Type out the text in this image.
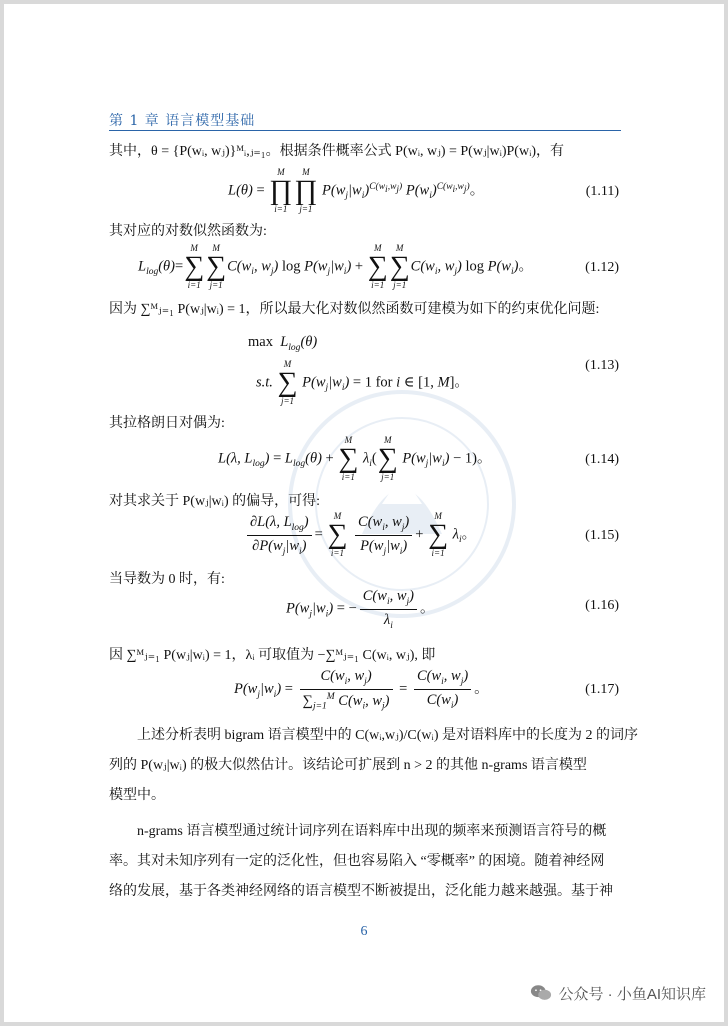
第 1 章 语言模型基础
其中，θ = {P(wᵢ, wⱼ)}ᴹᵢ,ⱼ₌₁。根据条件概率公式 P(wᵢ, wⱼ) = P(wⱼ|wᵢ)P(wᵢ)，有
L(θ) =
M
∏
i=1
M
∏
j=1
$P(w_j|w_i)^{C(w_i,w_j)}$ $P(w_i)^{C(w_i,w_j)}$。	(1.11)
其对应的对数似然函数为:
$L_{log}(\theta)=$
M
∑
i=1
M
∑
j=1
$C(w_i$, $w_j$) $\log P(w_j|w_i)$ +
M
∑
i=1
M
∑
j=1
$C(w_i$, $w_j$) $\log P(w_i)$。	(1.12)
因为 ∑ᴹⱼ₌₁ P(wⱼ|wᵢ) = 1，所以最大化对数似然函数可建模为如下的约束优化问题:
$\max L_{log}(\theta)$
s.t.
M
∑
j=1
$P(w_j|w_i) = 1$ for i ∈ [1, M]。
(1.13)
其拉格朗日对偶为:
L(λ, $L_{log}) = L_{log}(\theta)$ +
M
∑
i=1
$\lambda_i$(
M
∑
j=1
$P(w_j|w_i) - 1$)。	(1.14)
对其求关于 P(wⱼ|wᵢ) 的偏导，可得:
$\frac{\partial L(\lambda, L_{log})}{\partial P(w_j|w_i)}$ =
M
∑
i=1
$\frac{C(w_i, w_j)}{P(w_j|w_i)}$ +
M
∑
i=1
$\lambda_i$。	(1.15)
当导数为 0 时，有:
$P(w_j|w_i)$ = − $\frac{C(w_i, w_j)}{\lambda_i}$ 。	(1.16)
因 ∑ᴹⱼ₌₁ P(wⱼ|wᵢ) = 1，λᵢ 可取值为 −∑ᴹⱼ₌₁ C(wᵢ, wⱼ), 即
$P(w_j|w_i) = \frac{C(w_i, w_j)}{\sum_{j=1}^M C(w_i, w_j)} = \frac{C(w_i, w_j)}{C(w_i)}$ 。	(1.17)
上述分析表明 bigram 语言模型中的 C(wᵢ,wⱼ)/C(wᵢ) 是对语料库中的长度为 2 的词序
列的 P(wⱼ|wᵢ) 的极大似然估计。该结论可扩展到 n > 2 的其他 n-grams 语言模型
模型中。
n-grams 语言模型通过统计词序列在语料库中出现的频率来预测语言符号的概
率。其对未知序列有一定的泛化性，但也容易陷入 “零概率” 的困境。随着神经网
络的发展，基于各类神经网络的语言模型不断被提出，泛化能力越来越强。基于神
6
公众号 · 小鱼AI知识库
